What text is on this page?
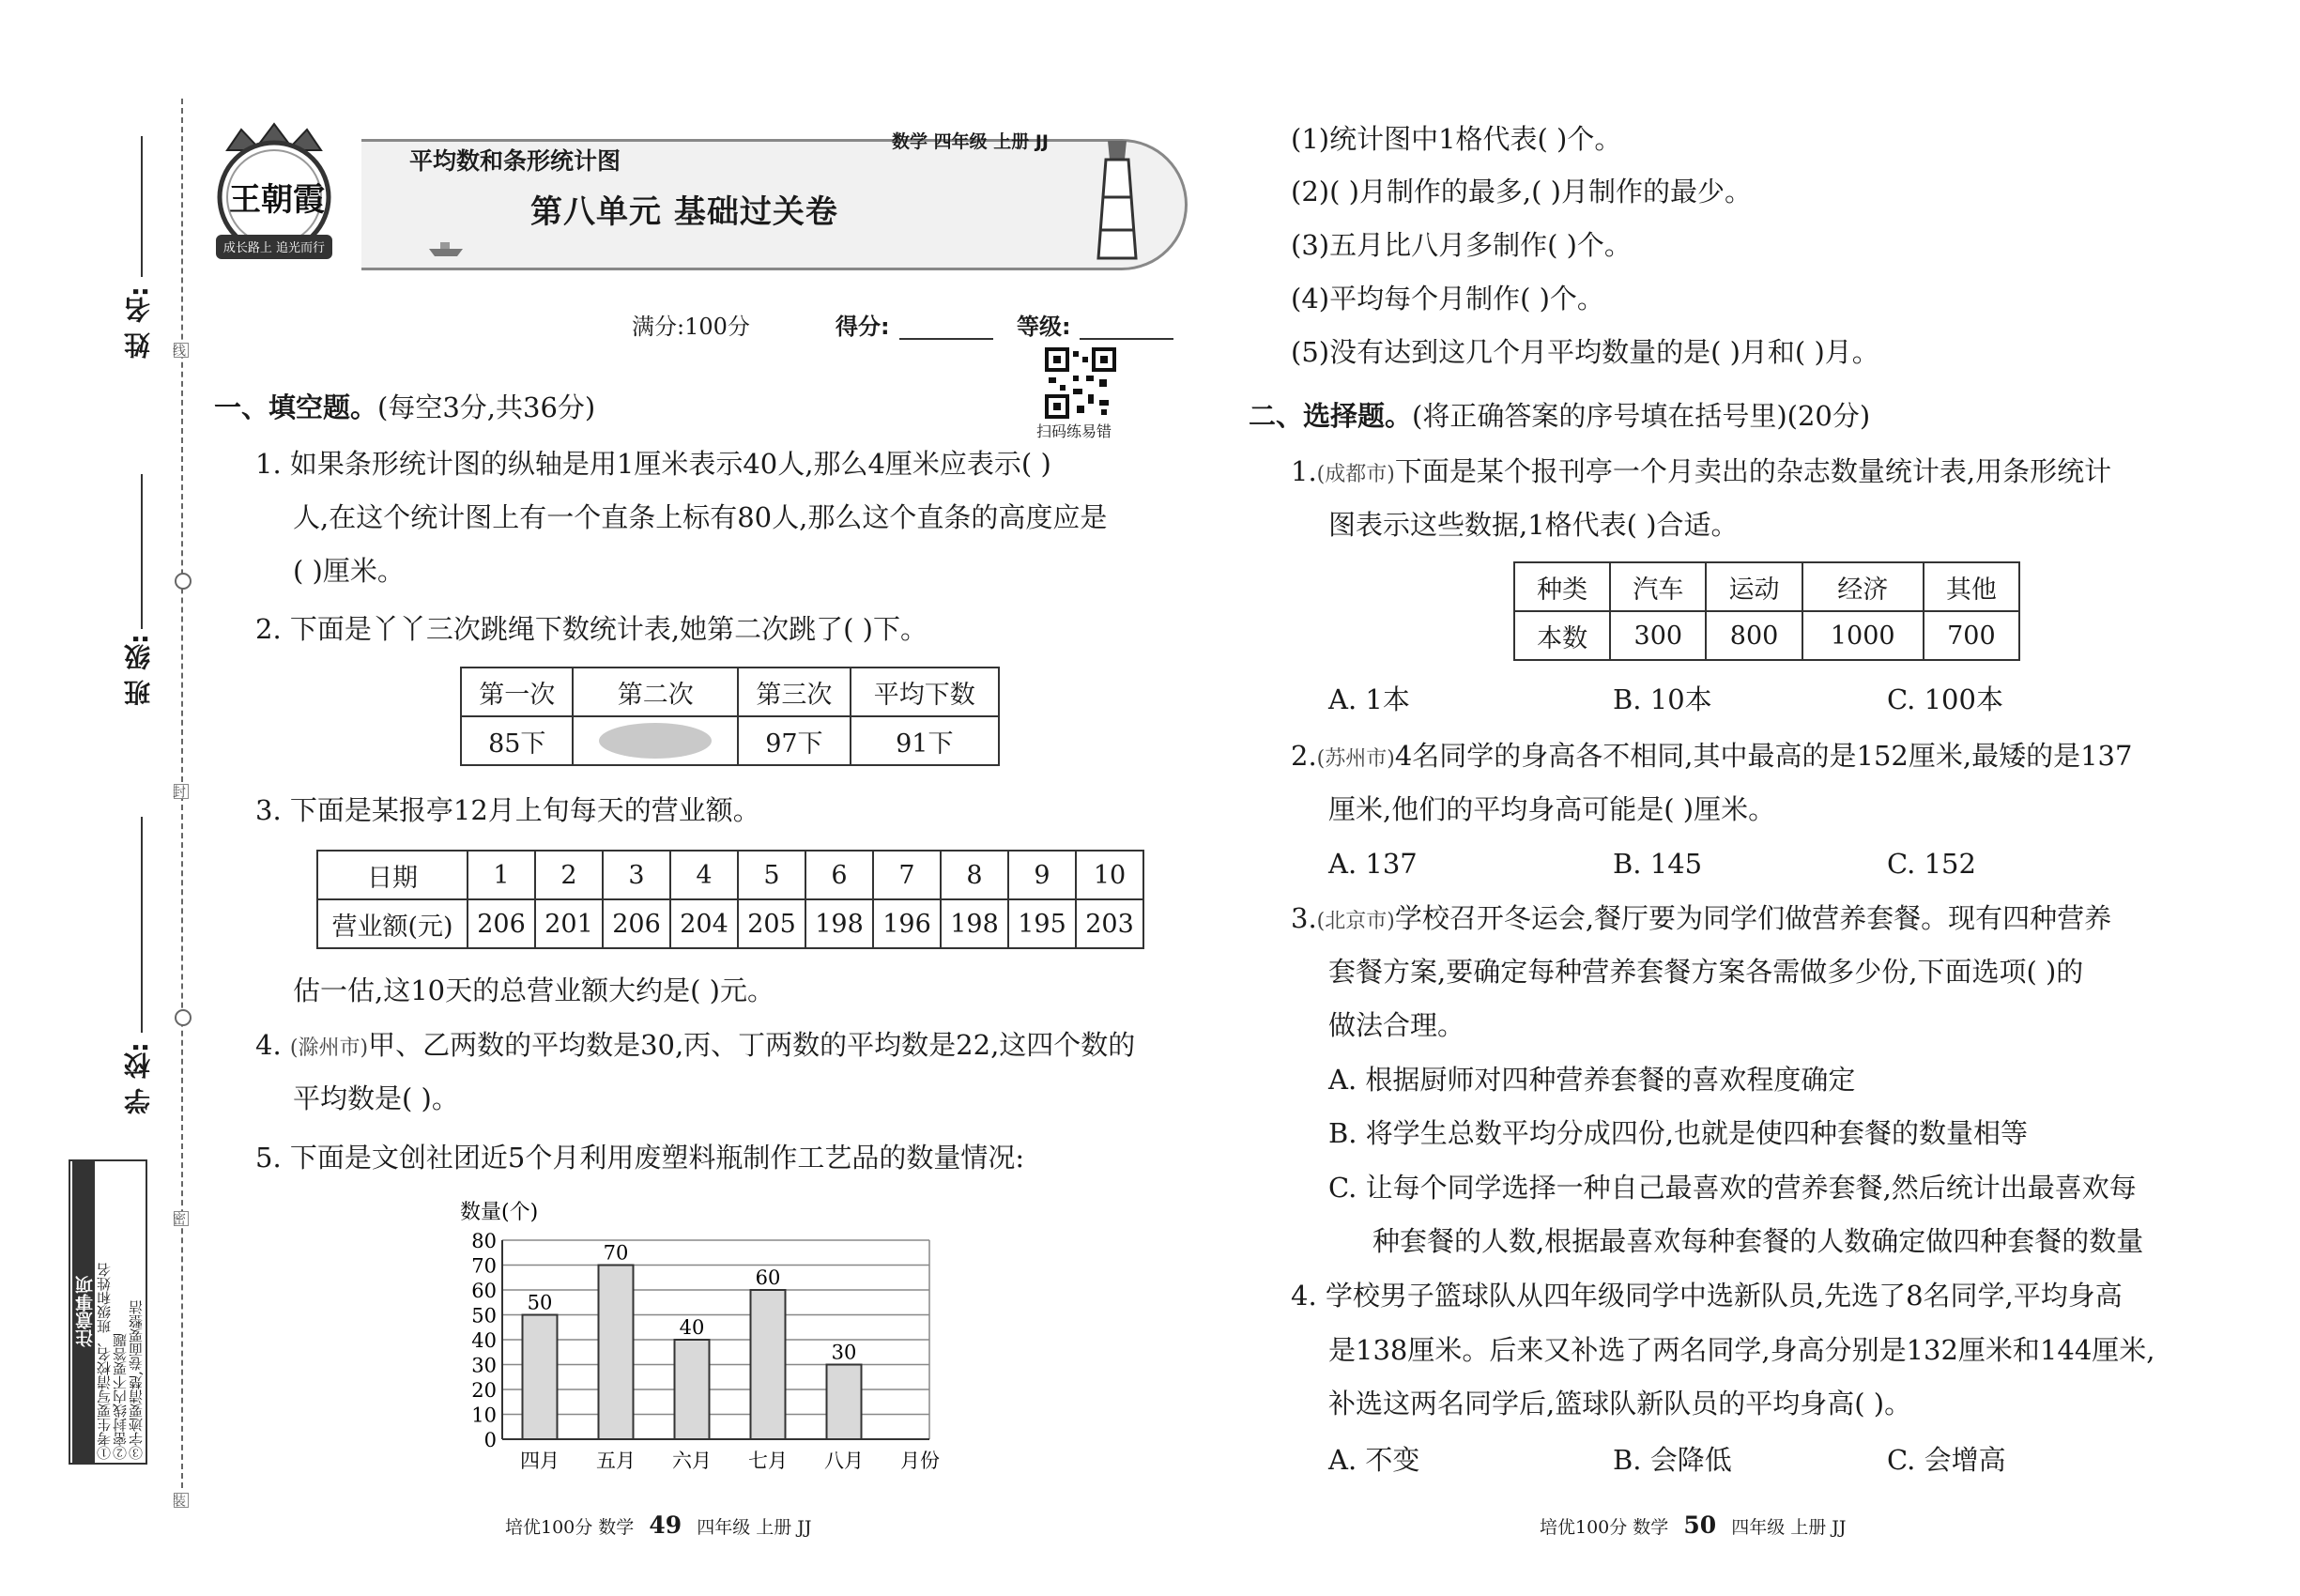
线
封
密
装
姓 名:
班 级:
学 校:
注意事项 ①考生要写清校名、班级和姓名 ②密封线内不要答题 ③字迹要清楚,卷面要整洁
王朝霞
成长路上 追光而行
平均数和条形统计图
数学 四年级 上册 JJ
第八单元 基础过关卷
满分:100分	得分:	等级:
扫码练易错
一、填空题。(每空3分,共36分)
1. 如果条形统计图的纵轴是用1厘米表示40人,那么4厘米应表示( )
人,在这个统计图上有一个直条上标有80人,那么这个直条的高度应是
( )厘米。
2. 下面是丫丫三次跳绳下数统计表,她第二次跳了( )下。
第一次	第二次	第三次	平均下数
85下		97下	91下
3. 下面是某报亭12月上旬每天的营业额。
日期	1	2	3	4	5	6	7	8	9	10
营业额(元)	206	201	206	204	205	198	196	198	195	203
估一估,这10天的总营业额大约是( )元。
4. (滁州市)甲、乙两数的平均数是30,丙、丁两数的平均数是22,这四个数的
平均数是( )。
5. 下面是文创社团近5个月利用废塑料瓶制作工艺品的数量情况:
数量(个)
0
10
20
30
40
50
60
70
80
50
四月
70
五月
40
六月
60
七月
30
八月 月份
(1)统计图中1格代表( )个。
(2)( )月制作的最多,( )月制作的最少。
(3)五月比八月多制作( )个。
(4)平均每个月制作( )个。
(5)没有达到这几个月平均数量的是( )月和( )月。
二、选择题。(将正确答案的序号填在括号里)(20分)
1.(成都市)下面是某个报刊亭一个月卖出的杂志数量统计表,用条形统计
图表示这些数据,1格代表( )合适。
种类	汽车	运动	经济	其他
本数	300	800	1000	700
A. 1本	B. 10本	C. 100本
2.(苏州市)4名同学的身高各不相同,其中最高的是152厘米,最矮的是137
厘米,他们的平均身高可能是( )厘米。
A. 137	B. 145	C. 152
3.(北京市)学校召开冬运会,餐厅要为同学们做营养套餐。现有四种营养
套餐方案,要确定每种营养套餐方案各需做多少份,下面选项( )的
做法合理。
A. 根据厨师对四种营养套餐的喜欢程度确定
B. 将学生总数平均分成四份,也就是使四种套餐的数量相等
C. 让每个同学选择一种自己最喜欢的营养套餐,然后统计出最喜欢每
种套餐的人数,根据最喜欢每种套餐的人数确定做四种套餐的数量
4. 学校男子篮球队从四年级同学中选新队员,先选了8名同学,平均身高
是138厘米。后来又补选了两名同学,身高分别是132厘米和144厘米,
补选这两名同学后,篮球队新队员的平均身高( )。
A. 不变	B. 会降低	C. 会增高
培优100分 数学 49 四年级 上册 JJ	培优100分 数学 50 四年级 上册 JJ
